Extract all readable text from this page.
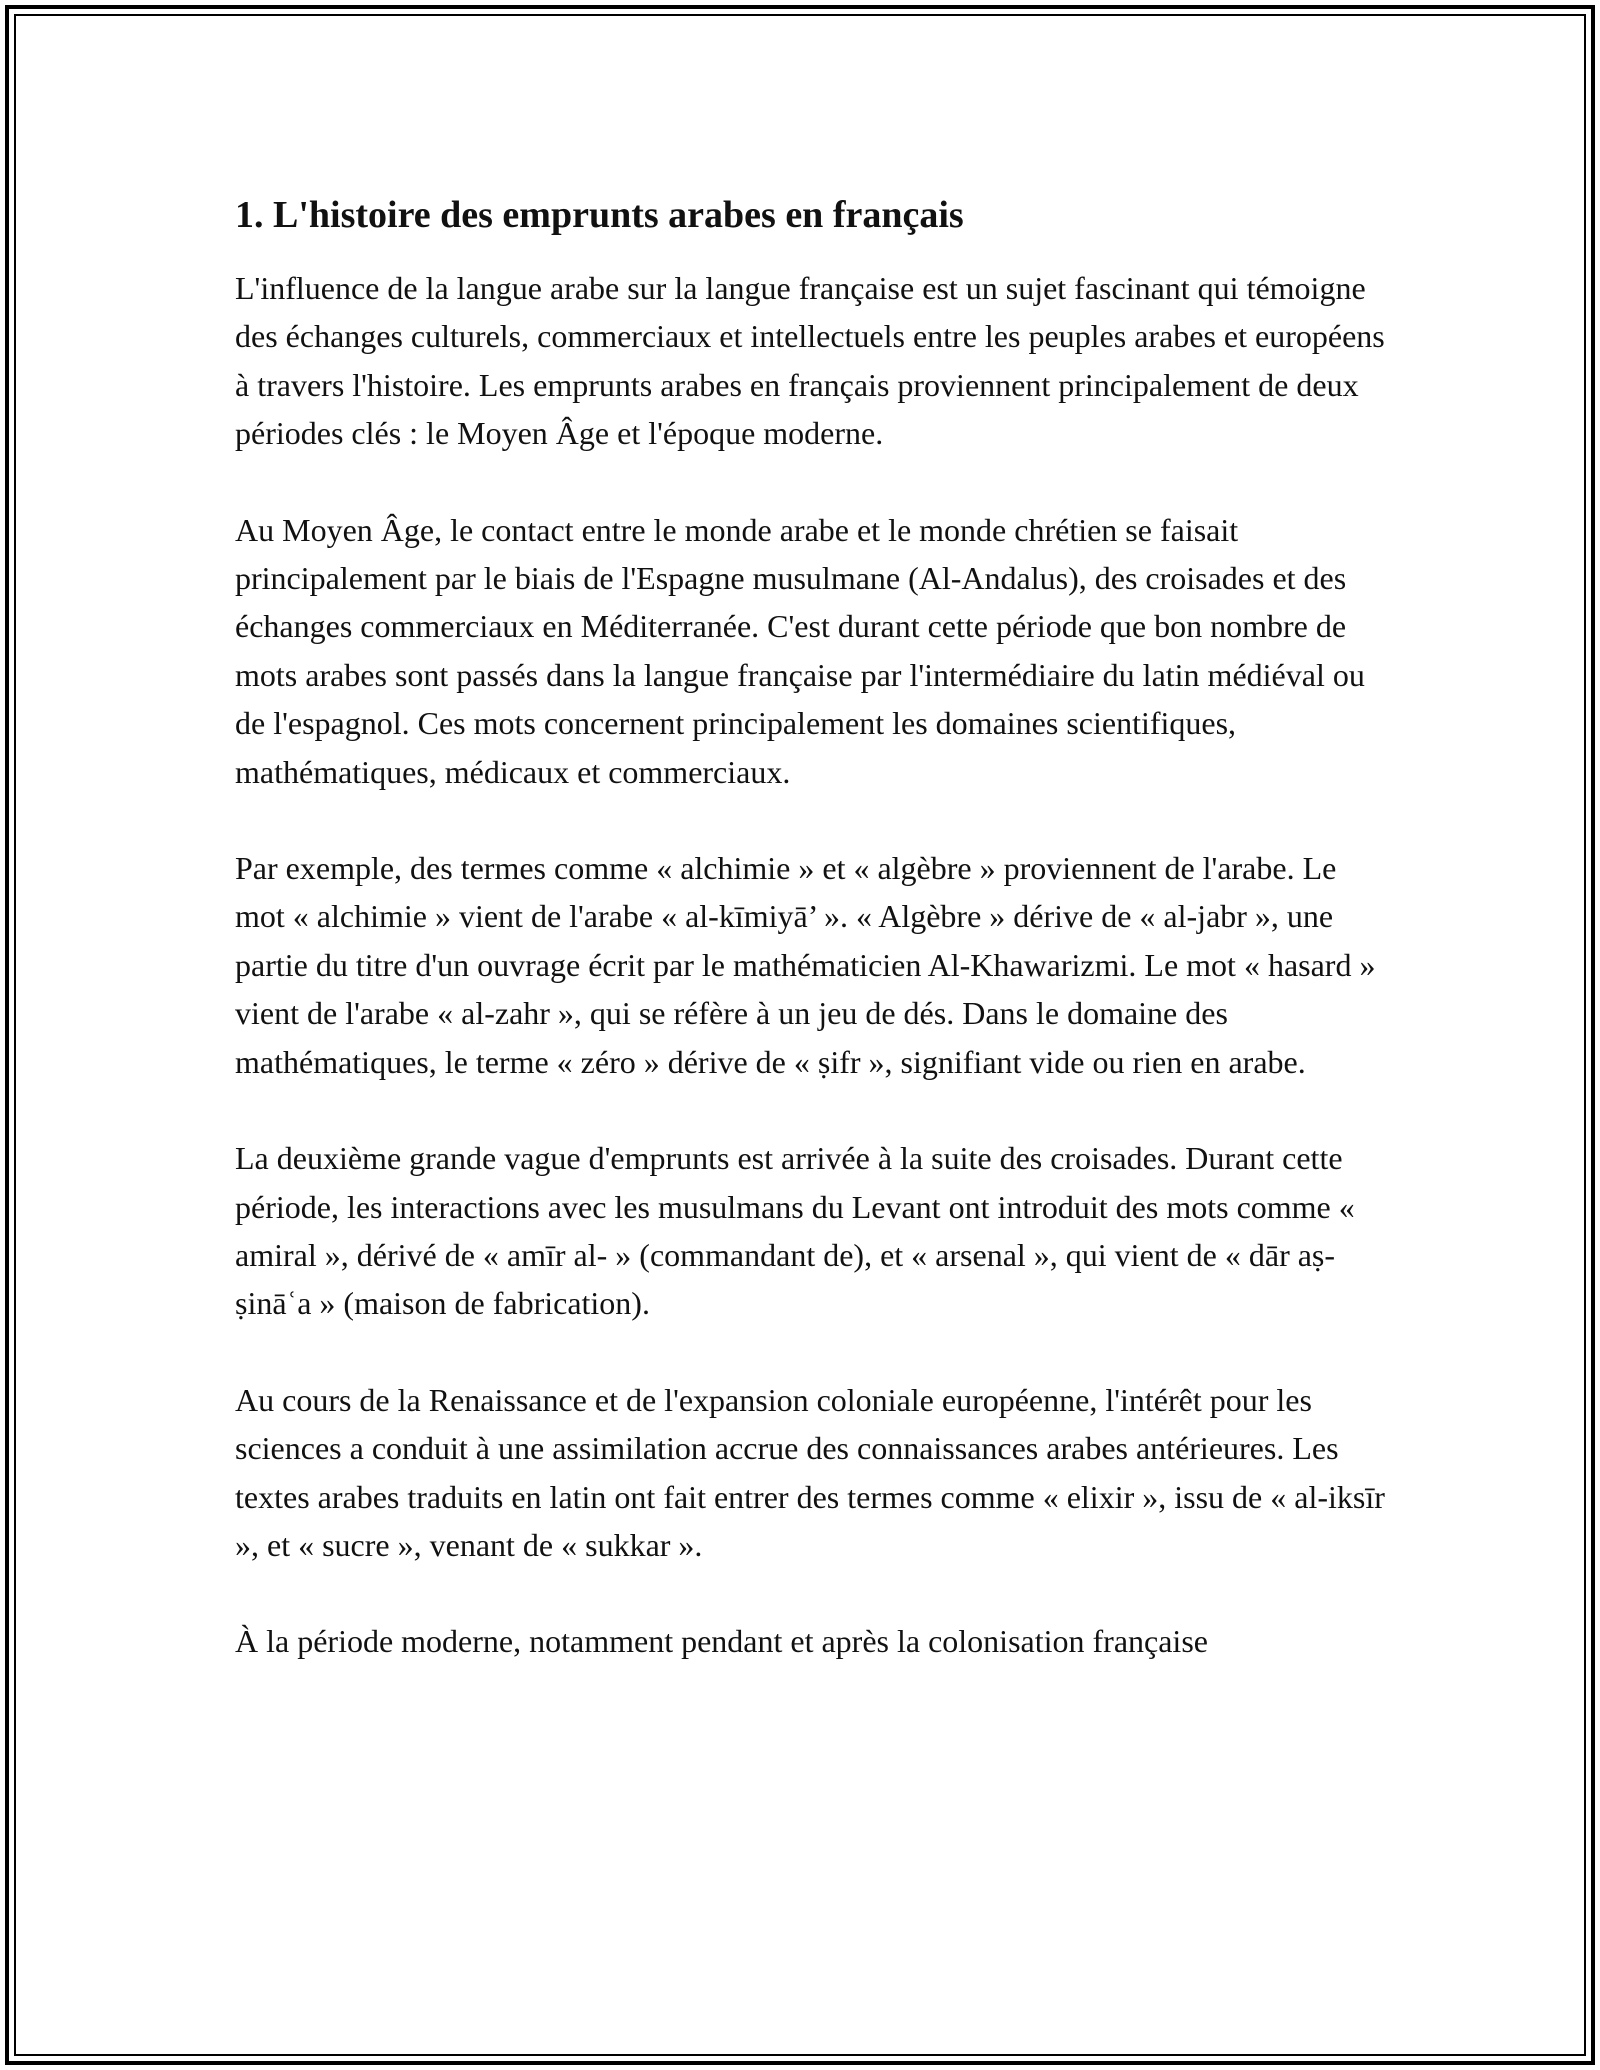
1. L'histoire des emprunts arabes en français

L'influence de la langue arabe sur la langue française est un sujet fascinant qui témoigne des échanges culturels, commerciaux et intellectuels entre les peuples arabes et européens à travers l'histoire. Les emprunts arabes en français proviennent principalement de deux périodes clés : le Moyen Âge et l'époque moderne.

Au Moyen Âge, le contact entre le monde arabe et le monde chrétien se faisait principalement par le biais de l'Espagne musulmane (Al-Andalus), des croisades et des échanges commerciaux en Méditerranée. C'est durant cette période que bon nombre de mots arabes sont passés dans la langue française par l'intermédiaire du latin médiéval ou de l'espagnol. Ces mots concernent principalement les domaines scientifiques, mathématiques, médicaux et commerciaux.

Par exemple, des termes comme « alchimie » et « algèbre » proviennent de l'arabe. Le mot « alchimie » vient de l'arabe « al-kīmiyā’ ». « Algèbre » dérive de « al-jabr », une partie du titre d'un ouvrage écrit par le mathématicien Al-Khawarizmi. Le mot « hasard » vient de l'arabe « al-zahr », qui se réfère à un jeu de dés. Dans le domaine des mathématiques, le terme « zéro » dérive de « ṣifr », signifiant vide ou rien en arabe.

La deuxième grande vague d'emprunts est arrivée à la suite des croisades. Durant cette période, les interactions avec les musulmans du Levant ont introduit des mots comme « amiral », dérivé de « amīr al- » (commandant de), et « arsenal », qui vient de « dār aṣ-ṣināʿa » (maison de fabrication).

Au cours de la Renaissance et de l'expansion coloniale européenne, l'intérêt pour les sciences a conduit à une assimilation accrue des connaissances arabes antérieures. Les textes arabes traduits en latin ont fait entrer des termes comme « elixir », issu de « al-iksīr », et « sucre », venant de « sukkar ».

À la période moderne, notamment pendant et après la colonisation française
